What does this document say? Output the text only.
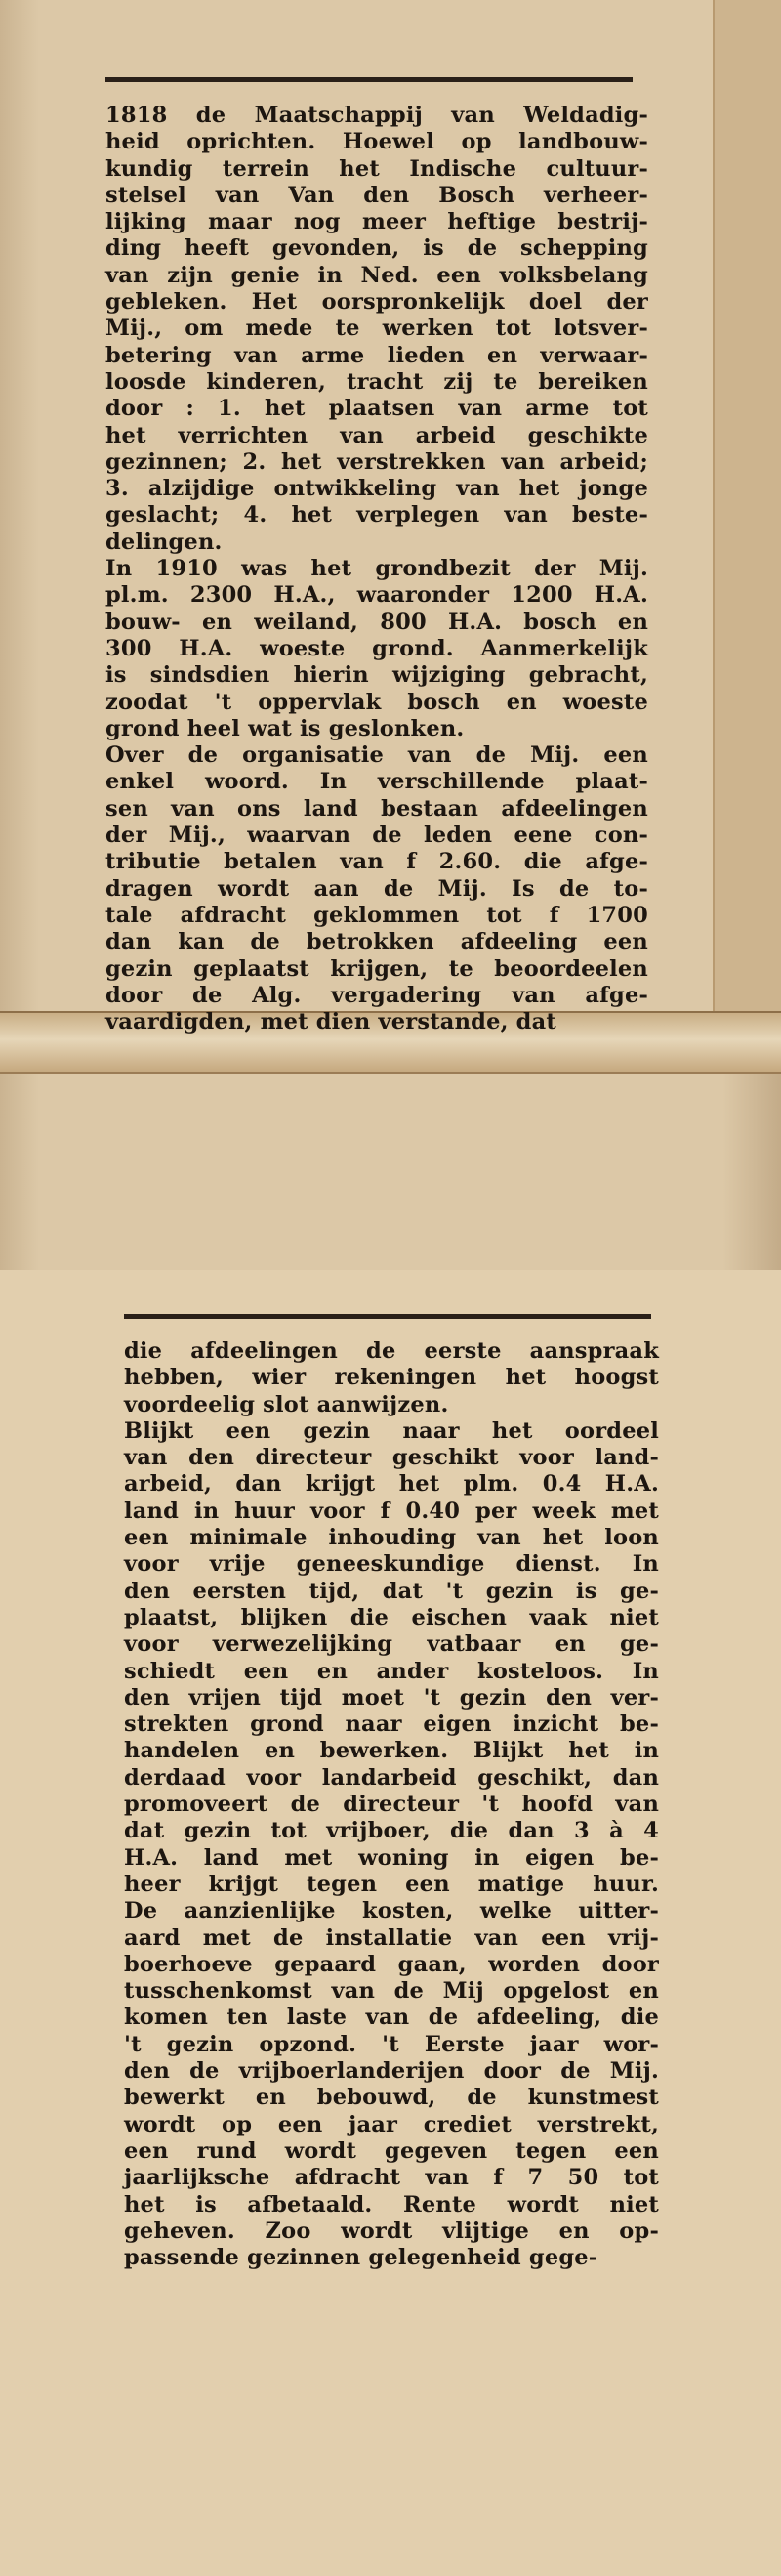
1818 de Maatschappij van Weldadig-
heid oprichten. Hoewel op landbouw-
kundig terrein het Indische cultuur-
stelsel van Van den Bosch verheer-
lijking maar nog meer heftige bestrij-
ding heeft gevonden, is de schepping
van zijn genie in Ned. een volksbelang
gebleken. Het oorspronkelijk doel der
Mij., om mede te werken tot lotsver-
betering van arme lieden en verwaar-
loosde kinderen, tracht zij te bereiken
door : 1. het plaatsen van arme tot
het verrichten van arbeid geschikte
gezinnen; 2. het verstrekken van arbeid;
3. alzijdige ontwikkeling van het jonge
geslacht; 4. het verplegen van beste-
delingen.
In 1910 was het grondbezit der Mij.
pl.m. 2300 H.A., waaronder 1200 H.A.
bouw- en weiland, 800 H.A. bosch en
300 H.A. woeste grond. Aanmerkelijk
is sindsdien hierin wijziging gebracht,
zoodat 't oppervlak bosch en woeste
grond heel wat is geslonken.
Over de organisatie van de Mij. een
enkel woord. In verschillende plaat-
sen van ons land bestaan afdeelingen
der Mij., waarvan de leden eene con-
tributie betalen van f 2.60. die afge-
dragen wordt aan de Mij. Is de to-
tale afdracht geklommen tot f 1700
dan kan de betrokken afdeeling een
gezin geplaatst krijgen, te beoordeelen
door de Alg. vergadering van afge-
vaardigden, met dien verstande, dat
die afdeelingen de eerste aanspraak
hebben, wier rekeningen het hoogst
voordeelig slot aanwijzen.
Blijkt een gezin naar het oordeel
van den directeur geschikt voor land-
arbeid, dan krijgt het plm. 0.4 H.A.
land in huur voor f 0.40 per week met
een minimale inhouding van het loon
voor vrije geneeskundige dienst. In
den eersten tijd, dat 't gezin is ge-
plaatst, blijken die eischen vaak niet
voor verwezelijking vatbaar en ge-
schiedt een en ander kosteloos. In
den vrijen tijd moet 't gezin den ver-
strekten grond naar eigen inzicht be-
handelen en bewerken. Blijkt het in
derdaad voor landarbeid geschikt, dan
promoveert de directeur 't hoofd van
dat gezin tot vrijboer, die dan 3 à 4
H.A. land met woning in eigen be-
heer krijgt tegen een matige huur.
De aanzienlijke kosten, welke uitter-
aard met de installatie van een vrij-
boerhoeve gepaard gaan, worden door
tusschenkomst van de Mij opgelost en
komen ten laste van de afdeeling, die
't gezin opzond. 't Eerste jaar wor-
den de vrijboerlanderijen door de Mij.
bewerkt en bebouwd, de kunstmest
wordt op een jaar crediet verstrekt,
een rund wordt gegeven tegen een
jaarlijksche afdracht van f 7 50 tot
het is afbetaald. Rente wordt niet
geheven. Zoo wordt vlijtige en op-
passende gezinnen gelegenheid gege-
